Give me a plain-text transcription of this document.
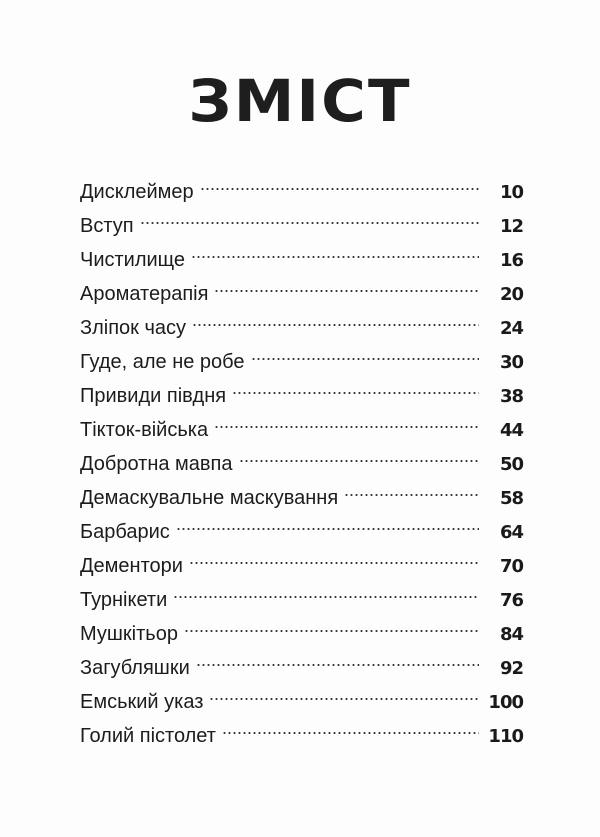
ЗМІСТ
Дисклеймер	10
Вступ	12
Чистилище	16
Ароматерапія	20
Зліпок часу	24
Гуде, але не робе	30
Привиди півдня	38
Тікток-війська	44
Добротна мавпа	50
Демаскувальне маскування	58
Барбарис	64
Дементори	70
Турнікети	76
Мушкітьор	84
Загубляшки	92
Емський указ	100
Голий пістолет	110
